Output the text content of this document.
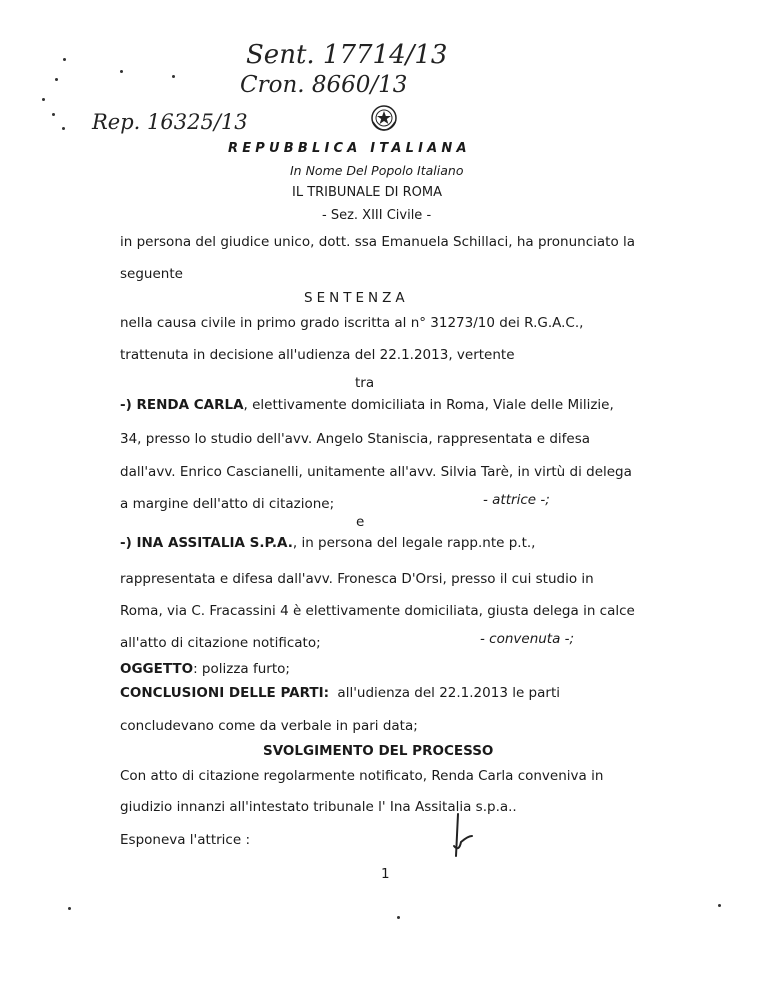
Sent. 17714/13
Cron. 8660/13
Rep. 16325/13
REPUBBLICA ITALIANA
In Nome Del Popolo Italiano
IL TRIBUNALE DI ROMA
- Sez. XIII Civile -
in persona del giudice unico, dott. ssa Emanuela Schillaci, ha pronunciato la
seguente
SENTENZA
nella causa civile in primo grado iscritta al n° 31273/10 dei R.G.A.C.,
trattenuta in decisione all'udienza del 22.1.2013, vertente
tra
-) RENDA CARLA, elettivamente domiciliata in Roma, Viale delle Milizie,
34, presso lo studio dell'avv. Angelo Staniscia, rappresentata e difesa
dall'avv. Enrico Cascianelli, unitamente all'avv. Silvia Tarè, in virtù di delega
a margine dell'atto di citazione;	- attrice -;
e
-) INA ASSITALIA S.P.A., in persona del legale rapp.nte p.t.,
rappresentata e difesa dall'avv. Fronesca D'Orsi, presso il cui studio in
Roma, via C. Fracassini 4 è elettivamente domiciliata, giusta delega in calce
all'atto di citazione notificato;	- convenuta -;
OGGETTO: polizza furto;
CONCLUSIONI DELLE PARTI: all'udienza del 22.1.2013 le parti
concludevano come da verbale in pari data;
SVOLGIMENTO DEL PROCESSO
Con atto di citazione regolarmente notificato, Renda Carla conveniva in
giudizio innanzi all'intestato tribunale l' Ina Assitalia s.p.a..
Esponeva l'attrice :
1
